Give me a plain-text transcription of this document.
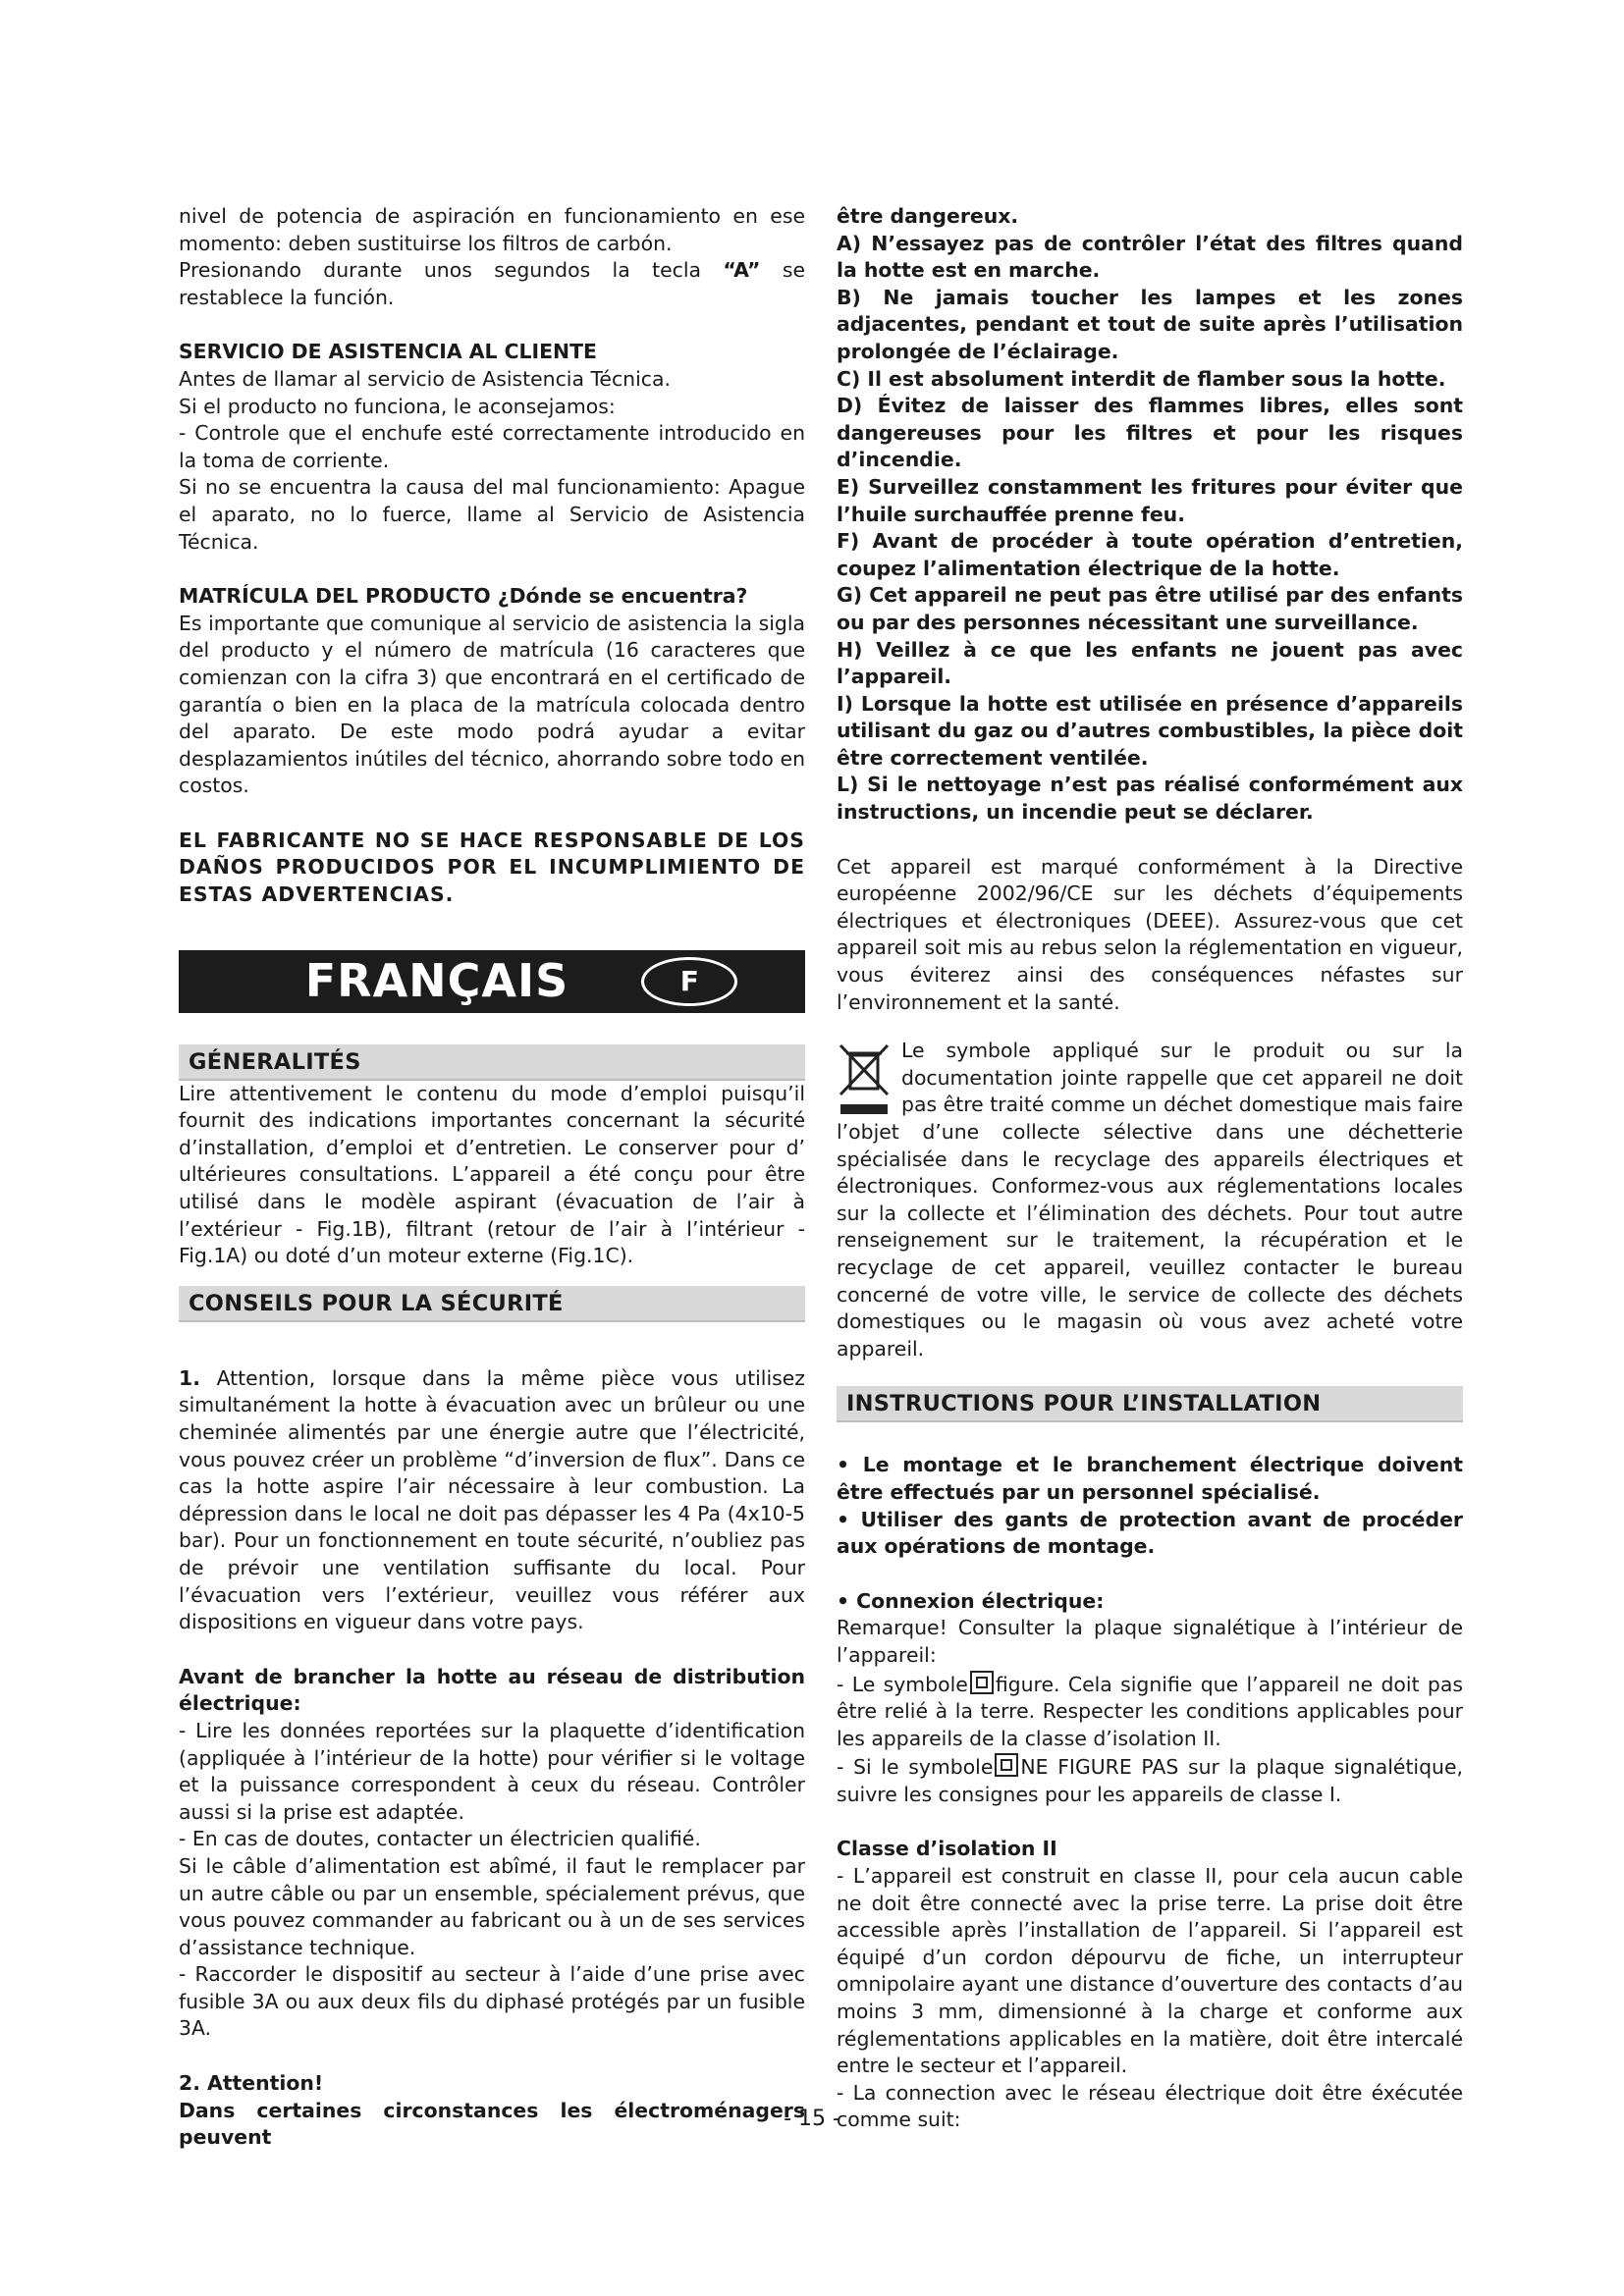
nivel de potencia de aspiración en funcionamiento en ese momento: deben sustituirse los filtros de carbón.

Presionando durante unos segundos la tecla “A” se restablece la función.

SERVICIO DE ASISTENCIA AL CLIENTE

Antes de llamar al servicio de Asistencia Técnica.

Si el producto no funciona, le aconsejamos:

- Controle que el enchufe esté correctamente introducido en la toma de corriente.

Si no se encuentra la causa del mal funcionamiento: Apague el aparato, no lo fuerce, llame al Servicio de Asistencia Técnica.

MATRÍCULA DEL PRODUCTO ¿Dónde se encuentra?

Es importante que comunique al servicio de asistencia la sigla del producto y el número de matrícula (16 caracteres que comienzan con la cifra 3) que encontrará en el certificado de garantía o bien en la placa de la matrícula colocada dentro del aparato. De este modo podrá ayudar a evitar desplazamientos inútiles del técnico, ahorrando sobre todo en costos.

EL FABRICANTE NO SE HACE RESPONSABLE DE LOS DAÑOS PRODUCIDOS POR EL INCUMPLIMIENTO DE ESTAS ADVERTENCIAS.

FRANÇAIS	F
GÉNERALITÉS

Lire attentivement le contenu du mode d’emploi puisqu’il fournit des indications importantes concernant la sécurité d’installation, d’emploi et d’entretien. Le conserver pour d’ ultérieures consultations. L’appareil a été conçu pour être utilisé dans le modèle aspirant (évacuation de l’air à l’extérieur - Fig.1B), filtrant (retour de l’air à l’intérieur - Fig.1A) ou doté d’un moteur externe (Fig.1C).

CONSEILS POUR LA SÉCURITÉ

1. Attention, lorsque dans la même pièce vous utilisez simultanément la hotte à évacuation avec un brûleur ou une cheminée alimentés par une énergie autre que l’électricité, vous pouvez créer un problème “d’inversion de flux”. Dans ce cas la hotte aspire l’air nécessaire à leur combustion. La dépression dans le local ne doit pas dépasser les 4 Pa (4x10-5 bar). Pour un fonctionnement en toute sécurité, n’oubliez pas de prévoir une ventilation suffisante du local. Pour l’évacuation vers l’extérieur, veuillez vous référer aux dispositions en vigueur dans votre pays.

Avant de brancher la hotte au réseau de distribution électrique:

- Lire les données reportées sur la plaquette d’identification (appliquée à l’intérieur de la hotte) pour vérifier si le voltage et la puissance correspondent à ceux du réseau. Contrôler aussi si la prise est adaptée.

- En cas de doutes, contacter un électricien qualifié.

Si le câble d’alimentation est abîmé, il faut le remplacer par un autre câble ou par un ensemble, spécialement prévus, que vous pouvez commander au fabricant ou à un de ses services d’assistance technique.

- Raccorder le dispositif au secteur à l’aide d’une prise avec fusible 3A ou aux deux fils du diphasé protégés par un fusible 3A.

2. Attention!

Dans certaines circonstances les électroménagers peuvent

être dangereux.

A) N’essayez pas de contrôler l’état des filtres quand la hotte est en marche.

B) Ne jamais toucher les lampes et les zones adjacentes, pendant et tout de suite après l’utilisation prolongée de l’éclairage.

C) Il est absolument interdit de flamber sous la hotte.

D) Évitez de laisser des flammes libres, elles sont dangereuses pour les filtres et pour les risques d’incendie.

E) Surveillez constamment les fritures pour éviter que l’huile surchauffée prenne feu.

F) Avant de procéder à toute opération d’entretien, coupez l’alimentation électrique de la hotte.

G) Cet appareil ne peut pas être utilisé par des enfants ou par des personnes nécessitant une surveillance.

H) Veillez à ce que les enfants ne jouent pas avec l’appareil.

I) Lorsque la hotte est utilisée en présence d’appareils utilisant du gaz ou d’autres combustibles, la pièce doit être correctement ventilée.

L) Si le nettoyage n’est pas réalisé conformément aux instructions, un incendie peut se déclarer.

Cet appareil est marqué conformément à la Directive européenne 2002/96/CE sur les déchets d’équipements électriques et électroniques (DEEE). Assurez-vous que cet appareil soit mis au rebus selon la réglementation en vigueur, vous éviterez ainsi des conséquences néfastes sur l’environnement et la santé.

Le symbole appliqué sur le produit ou sur la documentation jointe rappelle que cet appareil ne doit pas être traité comme un déchet domestique mais faire l’objet d’une collecte sélective dans une déchetterie spécialisée dans le recyclage des appareils électriques et électroniques. Conformez-vous aux réglementations locales sur la collecte et l’élimination des déchets. Pour tout autre renseignement sur le traitement, la récupération et le recyclage de cet appareil, veuillez contacter le bureau concerné de votre ville, le service de collecte des déchets domestiques ou le magasin où vous avez acheté votre appareil.

INSTRUCTIONS POUR L’INSTALLATION

• Le montage et le branchement électrique doivent être effectués par un personnel spécialisé.

• Utiliser des gants de protection avant de procéder aux opérations de montage.

• Connexion électrique:

Remarque! Consulter la plaque signalétique à l’intérieur de l’appareil:

- Le symbole figure. Cela signifie que l’appareil ne doit pas être relié à la terre. Respecter les conditions applicables pour les appareils de la classe d’isolation II.

- Si le symbole NE FIGURE PAS sur la plaque signalétique, suivre les consignes pour les appareils de classe I.

Classe d’isolation II

- L’appareil est construit en classe II, pour cela aucun cable ne doit être connecté avec la prise terre. La prise doit être accessible après l’installation de l’appareil. Si l’appareil est équipé d’un cordon dépourvu de fiche, un interrupteur omnipolaire ayant une distance d’ouverture des contacts d’au moins 3 mm, dimensionné à la charge et conforme aux réglementations applicables en la matière, doit être intercalé entre le secteur et l’appareil.

- La connection avec le réseau électrique doit être éxécutée comme suit:

- 15 -
